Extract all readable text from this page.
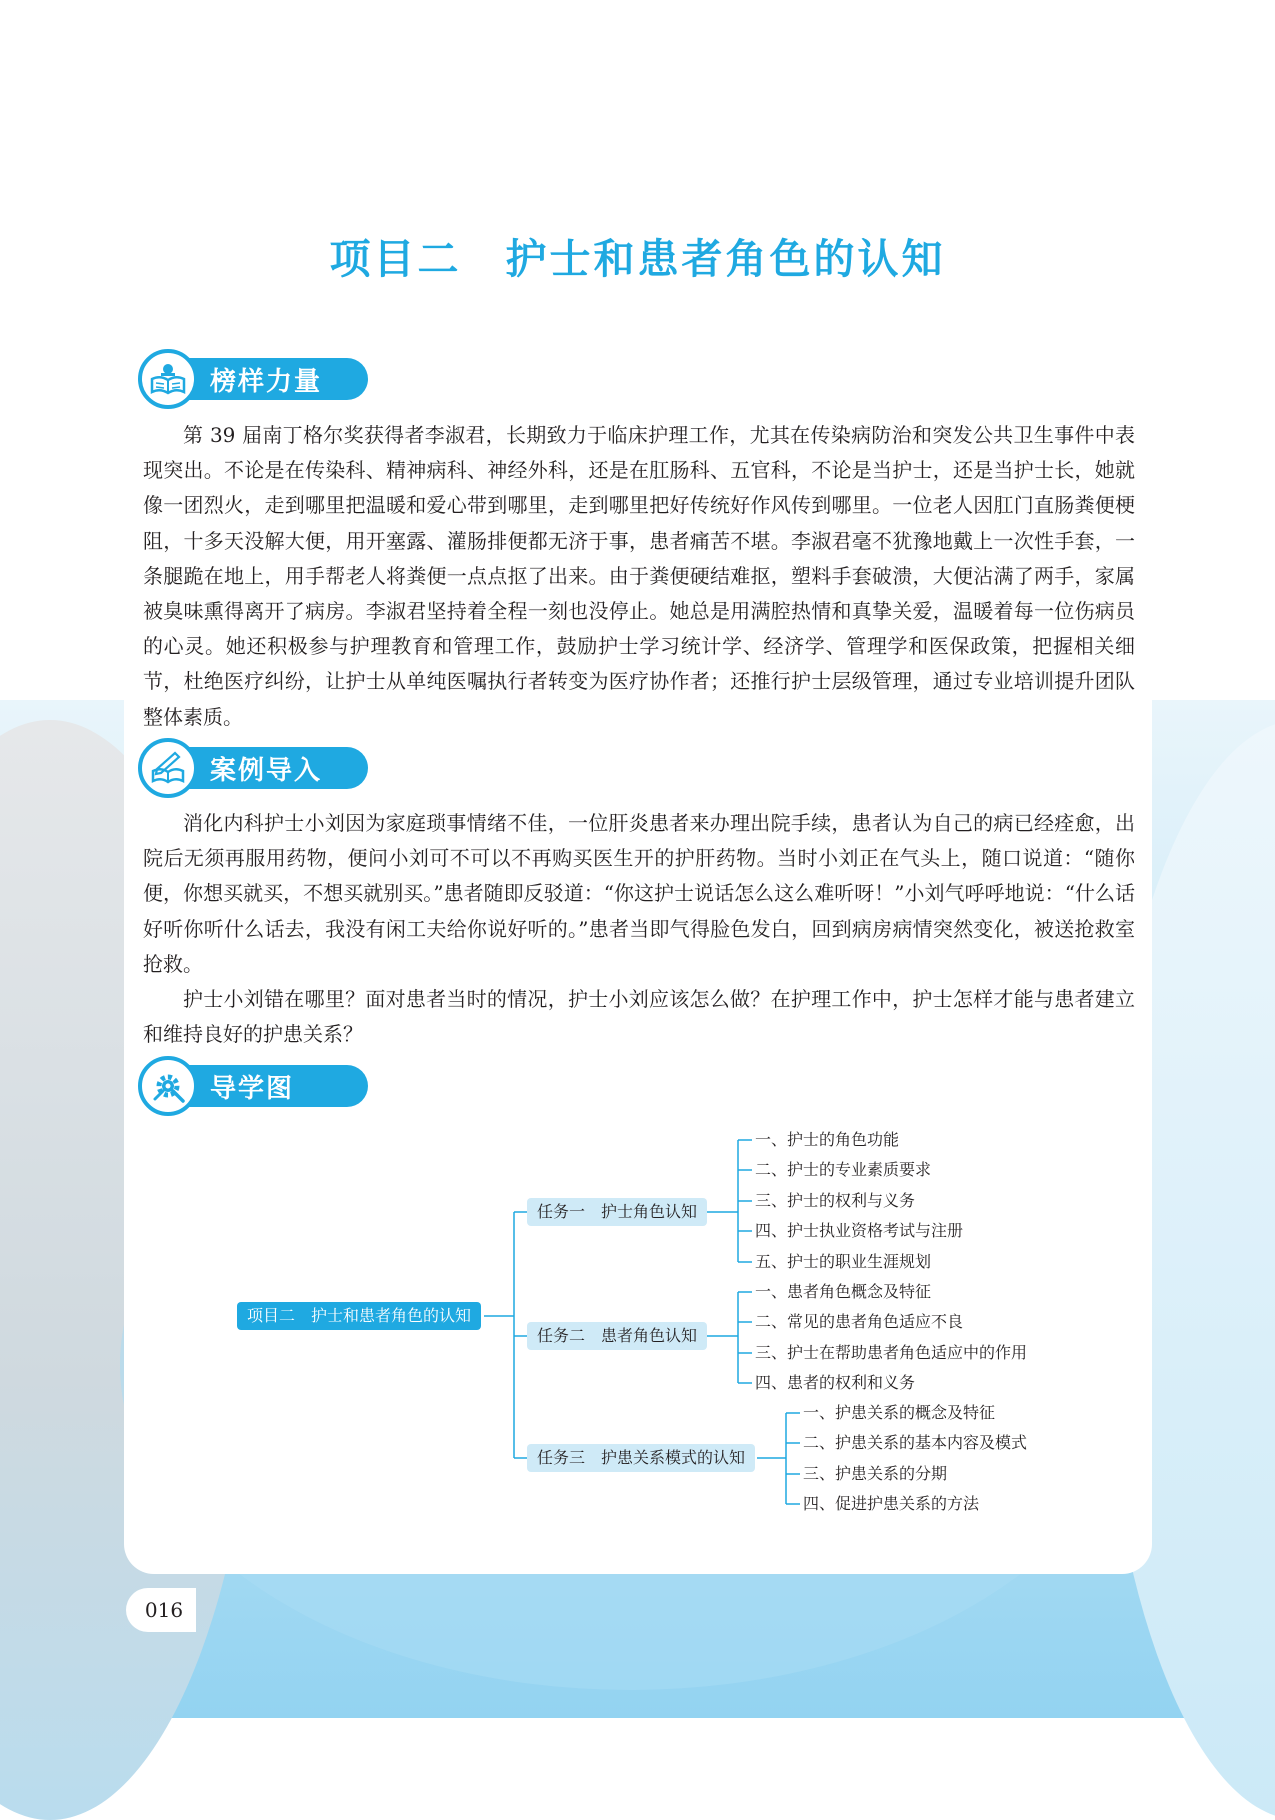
项目二　护士和患者角色的认知
榜样力量

第 39 届南丁格尔奖获得者李淑君，长期致力于临床护理工作，尤其在传染病防治和突发公共卫生事件中表现突出。不论是在传染科、精神病科、神经外科，还是在肛肠科、五官科，不论是当护士，还是当护士长，她就像一团烈火，走到哪里把温暖和爱心带到哪里，走到哪里把好传统好作风传到哪里。一位老人因肛门直肠粪便梗阻，十多天没解大便，用开塞露、灌肠排便都无济于事，患者痛苦不堪。李淑君毫不犹豫地戴上一次性手套，一条腿跪在地上，用手帮老人将粪便一点点抠了出来。由于粪便硬结难抠，塑料手套破溃，大便沾满了两手，家属被臭味熏得离开了病房。李淑君坚持着全程一刻也没停止。她总是用满腔热情和真挚关爱，温暖着每一位伤病员的心灵。她还积极参与护理教育和管理工作，鼓励护士学习统计学、经济学、管理学和医保政策，把握相关细节，杜绝医疗纠纷，让护士从单纯医嘱执行者转变为医疗协作者；还推行护士层级管理，通过专业培训提升团队整体素质。

案例导入

消化内科护士小刘因为家庭琐事情绪不佳，一位肝炎患者来办理出院手续，患者认为自己的病已经痊愈，出院后无须再服用药物，便问小刘可不可以不再购买医生开的护肝药物。当时小刘正在气头上，随口说道：“随你便，你想买就买，不想买就别买。”患者随即反驳道：“你这护士说话怎么这么难听呀！”小刘气呼呼地说：“什么话好听你听什么话去，我没有闲工夫给你说好听的。”患者当即气得脸色发白，回到病房病情突然变化，被送抢救室抢救。

护士小刘错在哪里？面对患者当时的情况，护士小刘应该怎么做？在护理工作中，护士怎样才能与患者建立和维持良好的护患关系？

导学图
项目二　护士和患者角色的认知
任务一　护士角色认知
任务二　患者角色认知
任务三　护患关系模式的认知
一、护士的角色功能
二、护士的专业素质要求
三、护士的权利与义务
四、护士执业资格考试与注册
五、护士的职业生涯规划
一、患者角色概念及特征
二、常见的患者角色适应不良
三、护士在帮助患者角色适应中的作用
四、患者的权利和义务
一、护患关系的概念及特征
二、护患关系的基本内容及模式
三、护患关系的分期
四、促进护患关系的方法
016
